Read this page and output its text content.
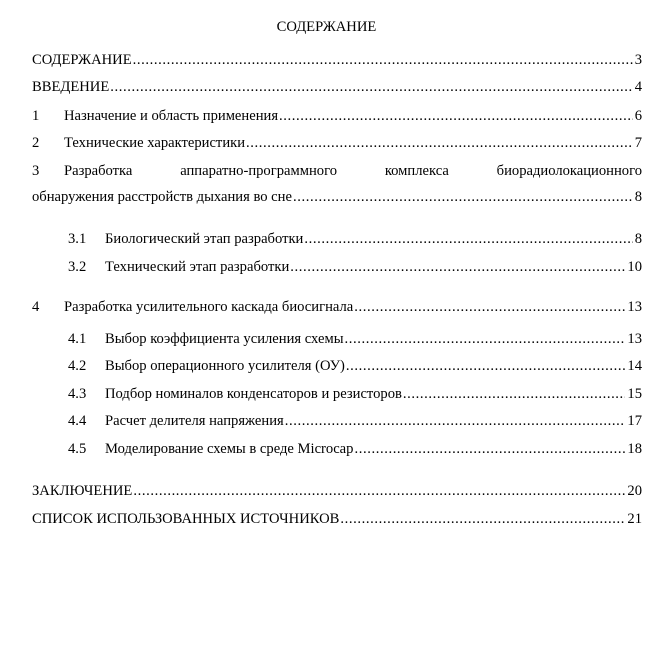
СОДЕРЖАНИЕ
СОДЕРЖАНИЕ .....	3
ВВЕДЕНИЕ .....	4
1	Назначение и область применения .....	6
2	Технические характеристики .....	7
3	Разработка	аппаратно-программного	комплекса	биорадиолокационного
обнаружения расстройств дыхания во сне .....	8
3.1	Биологический этап разработки .....	8
3.2	Технический этап разработки .....	10
4	Разработка усилительного каскада биосигнала .....	13
4.1	Выбор коэффициента усиления схемы .....	13
4.2	Выбор операционного усилителя (ОУ) .....	14
4.3	Подбор номиналов конденсаторов и резисторов .....	15
4.4	Расчет делителя напряжения .....	17
4.5	Моделирование схемы в среде Microcap .....	18
ЗАКЛЮЧЕНИЕ .....	20
СПИСОК ИСПОЛЬЗОВАННЫХ ИСТОЧНИКОВ .....	21
